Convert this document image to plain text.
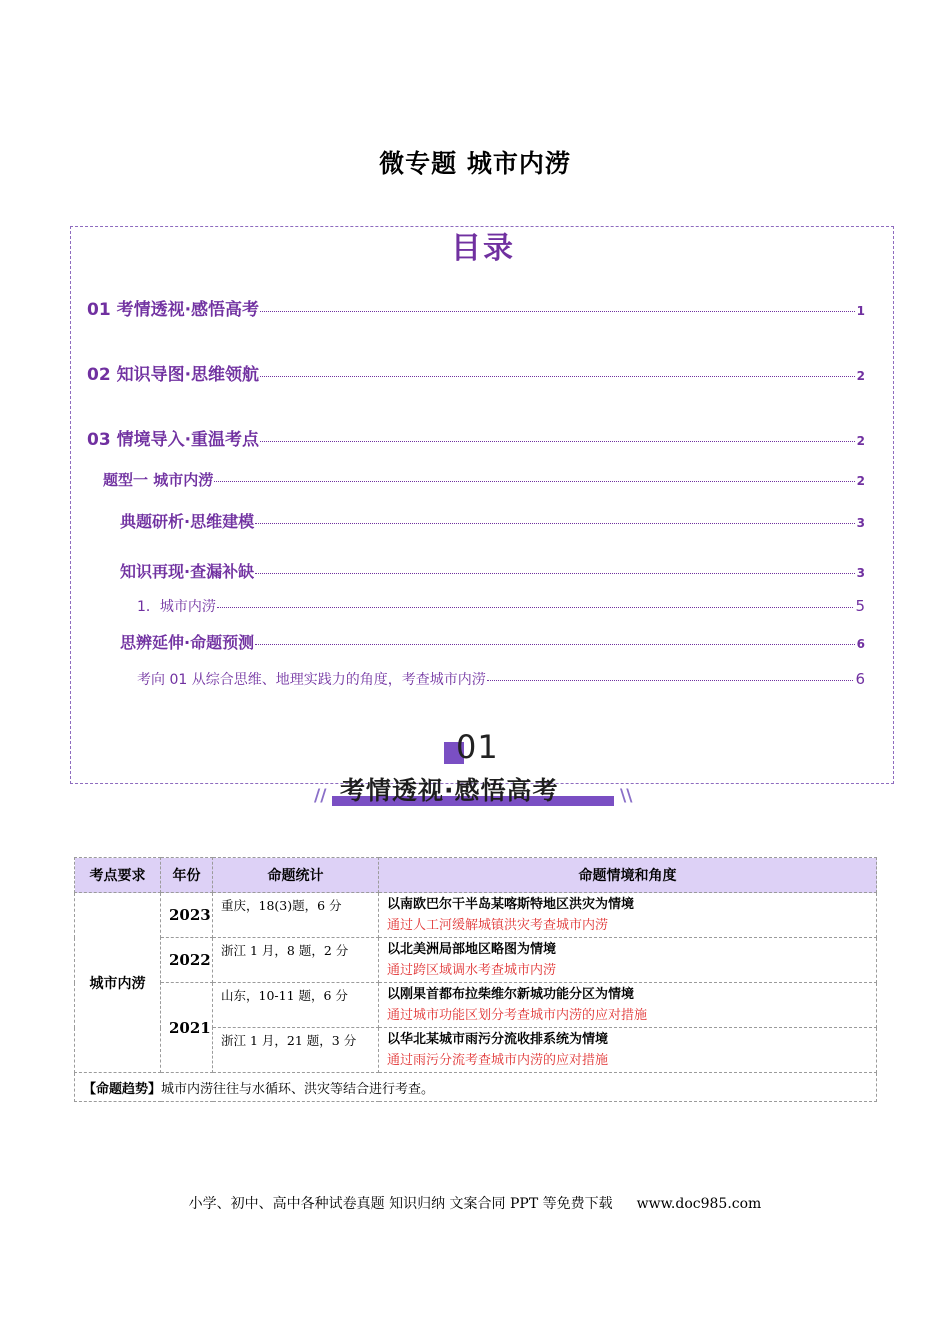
微专题 城市内涝
目录
01 考情透视·感悟高考	1
02 知识导图·思维领航	2
03 情境导入·重温考点	2
题型一 城市内涝	2
典题研析·思维建模	3
知识再现·查漏补缺	3
1．城市内涝	5
思辨延伸·命题预测	6
考向 01 从综合思维、地理实践力的角度，考查城市内涝	6
01
考情透视·感悟高考
//	\\
考点要求	年份	命题统计	命题情境和角度
城市内涝	2023	重庆，18(3)题，6 分	以南欧巴尔干半岛某喀斯特地区洪灾为情境
通过人工河缓解城镇洪灾考查城市内涝

	2022	浙江 1 月，8 题，2 分	以北美洲局部地区略图为情境
通过跨区域调水考查城市内涝

	2021	山东，10-11 题，6 分	以刚果首都布拉柴维尔新城功能分区为情境
通过城市功能区划分考查城市内涝的应对措施

		浙江 1 月，21 题，3 分	以华北某城市雨污分流收排系统为情境
通过雨污分流考查城市内涝的应对措施

【命题趋势】城市内涝往往与水循环、洪灾等结合进行考查。			
小学、初中、高中各种试卷真题 知识归纳 文案合同 PPT 等免费下载 www.doc985.com
